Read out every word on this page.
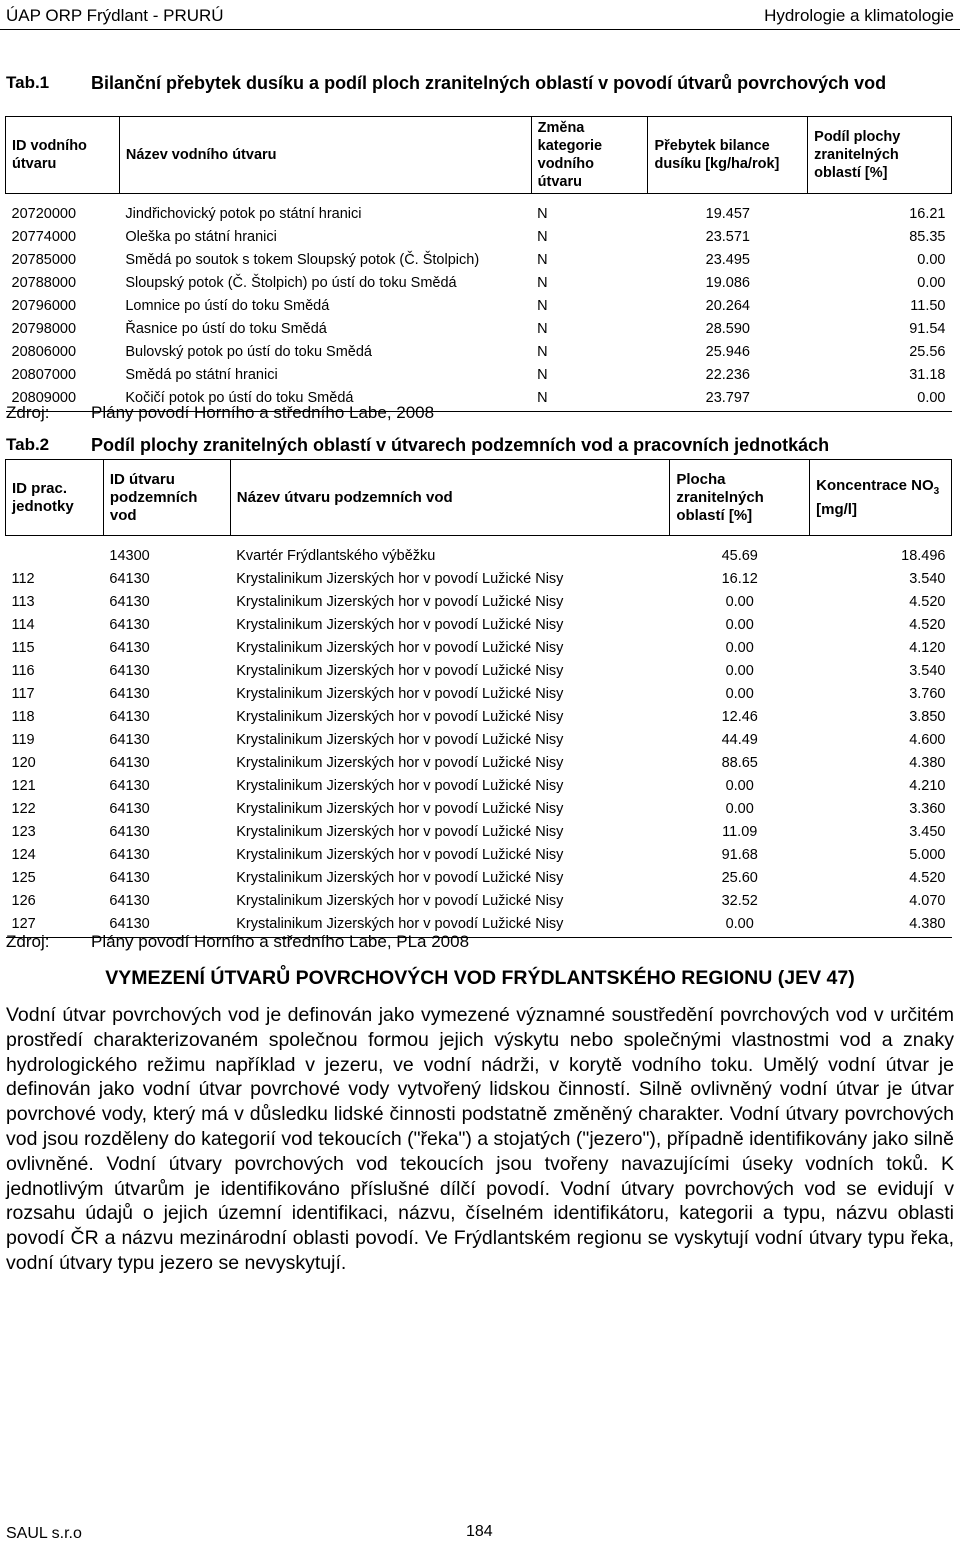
ÚAP ORP Frýdlant - PRURÚ	Hydrologie a klimatologie
Tab.1 Bilanční přebytek dusíku a podíl ploch zranitelných oblastí v povodí útvarů povrchových vod
ID vodního útvaru	Název vodního útvaru	Změna kategorie vodního útvaru	Přebytek bilance dusíku [kg/ha/rok]	Podíl plochy zranitelných oblastí [%]

20720000	Jindřichovický potok po státní hranici	N	19.457	16.21
20774000	Oleška po státní hranici	N	23.571	85.35
20785000	Smědá po soutok s tokem Sloupský potok (Č. Štolpich)	N	23.495	0.00
20788000	Sloupský potok (Č. Štolpich) po ústí do toku Smědá	N	19.086	0.00
20796000	Lomnice po ústí do toku Smědá	N	20.264	11.50
20798000	Řasnice po ústí do toku Smědá	N	28.590	91.54
20806000	Bulovský potok po ústí do toku Smědá	N	25.946	25.56
20807000	Smědá po státní hranici	N	22.236	31.18
20809000	Kočičí potok po ústí do toku Smědá	N	23.797	0.00

Zdroj: Plány povodí Horního a středního Labe, 2008
Tab.2 Podíl plochy zranitelných oblastí v útvarech podzemních vod a pracovních jednotkách
ID prac. jednotky	ID útvaru podzemních vod	Název útvaru podzemních vod	Plocha zranitelných oblastí [%]	Koncentrace $NO_3$ [mg/l]

	14300	Kvartér Frýdlantského výběžku	45.69	18.496
112	64130	Krystalinikum Jizerských hor v povodí Lužické Nisy	16.12	3.540
113	64130	Krystalinikum Jizerských hor v povodí Lužické Nisy	0.00	4.520
114	64130	Krystalinikum Jizerských hor v povodí Lužické Nisy	0.00	4.520
115	64130	Krystalinikum Jizerských hor v povodí Lužické Nisy	0.00	4.120
116	64130	Krystalinikum Jizerských hor v povodí Lužické Nisy	0.00	3.540
117	64130	Krystalinikum Jizerských hor v povodí Lužické Nisy	0.00	3.760
118	64130	Krystalinikum Jizerských hor v povodí Lužické Nisy	12.46	3.850
119	64130	Krystalinikum Jizerských hor v povodí Lužické Nisy	44.49	4.600
120	64130	Krystalinikum Jizerských hor v povodí Lužické Nisy	88.65	4.380
121	64130	Krystalinikum Jizerských hor v povodí Lužické Nisy	0.00	4.210
122	64130	Krystalinikum Jizerských hor v povodí Lužické Nisy	0.00	3.360
123	64130	Krystalinikum Jizerských hor v povodí Lužické Nisy	11.09	3.450
124	64130	Krystalinikum Jizerských hor v povodí Lužické Nisy	91.68	5.000
125	64130	Krystalinikum Jizerských hor v povodí Lužické Nisy	25.60	4.520
126	64130	Krystalinikum Jizerských hor v povodí Lužické Nisy	32.52	4.070
127	64130	Krystalinikum Jizerských hor v povodí Lužické Nisy	0.00	4.380

Zdroj: Plány povodí Horního a středního Labe, PLa 2008
VYMEZENÍ ÚTVARŮ POVRCHOVÝCH VOD FRÝDLANTSKÉHO REGIONU (JEV 47)
Vodní útvar povrchových vod je definován jako vymezené významné soustředění povrchových vod v určitém prostředí charakterizovaném společnou formou jejich výskytu nebo společnými vlastnostmi vod a znaky hydrologického režimu například v jezeru, ve vodní nádrži, v korytě vodního toku. Umělý vodní útvar je definován jako vodní útvar povrchové vody vytvořený lidskou činností. Silně ovlivněný vodní útvar je útvar povrchové vody, který má v důsledku lidské činnosti podstatně změněný charakter. Vodní útvary povrchových vod jsou rozděleny do kategorií vod tekoucích ("řeka") a stojatých ("jezero"), případně identifikovány jako silně ovlivněné. Vodní útvary povrchových vod tekoucích jsou tvořeny navazujícími úseky vodních toků. K jednotlivým útvarům je identifikováno příslušné dílčí povodí. Vodní útvary povrchových vod se evidují v rozsahu údajů o jejich územní identifikaci, názvu, číselném identifikátoru, kategorii a typu, názvu oblasti povodí ČR a názvu mezinárodní oblasti povodí. Ve Frýdlantském regionu se vyskytují vodní útvary typu řeka, vodní útvary typu jezero se nevyskytují.
SAUL s.r.o	184
